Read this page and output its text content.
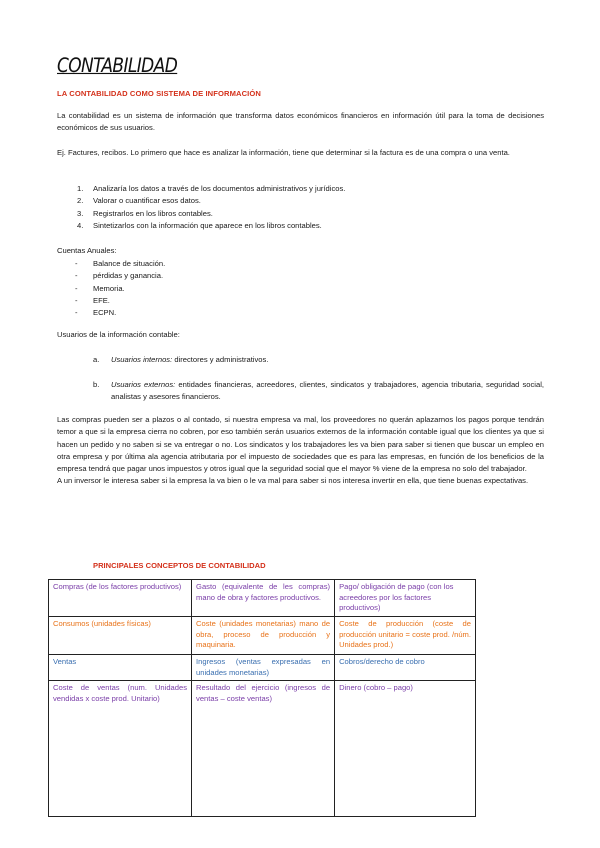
CONTABILIDAD
LA CONTABILIDAD COMO SISTEMA DE INFORMACIÓN

La contabilidad es un sistema de información que transforma datos económicos financieros en información útil para la toma de decisiones económicos de sus usuarios.

Ej. Factures, recibos. Lo primero que hace es analizar la información, tiene que determinar si la factura es de una compra o una venta.

1. Analizaría los datos a través de los documentos administrativos y jurídicos.
2. Valorar o cuantificar esos datos.
3. Registrarlos en los libros contables.
4. Sintetizarlos con la información que aparece en los libros contables.
Cuentas Anuales:
- Balance de situación.
- pérdidas y ganancia.
- Memoria.
- EFE.
- ECPN.
Usuarios de la información contable:
a. Usuarios internos: directores y administrativos.
b. Usuarios externos: entidades financieras, acreedores, clientes, sindicatos y trabajadores, agencia tributaria, seguridad social, analistas y asesores financieros.
Las compras pueden ser a plazos o al contado, si nuestra empresa va mal, los proveedores no querán aplazarnos los pagos porque tendrán temor a que si la empresa cierra no cobren, por eso también serán usuarios externos de la información contable igual que los clientes ya que si hacen un pedido y no saben si se va entregar o no. Los sindicatos y los trabajadores les va bien para saber si tienen que buscar un empleo en otra empresa y por última ala agencia atributaria por el impuesto de sociedades que es para las empresas, en función de los beneficios de la empresa tendrá que pagar unos impuestos y otros igual que la seguridad social que el mayor % viene de la empresa no solo del trabajador.
A un inversor le interesa saber si la empresa la va bien o le va mal para saber si nos interesa invertir en ella, que tiene buenas expectativas.
PRINCIPALES CONCEPTOS DE CONTABILIDAD
Compras (de los factores productivos)	Gasto (equivalente de les compras) mano de obra y factores productivos.	Pago/ obligación de pago (con los acreedores por los factores productivos)
Consumos (unidades físicas)	Coste (unidades monetarias) mano de obra, proceso de producción y maquinaria.	Coste de producción (coste de producción unitario = coste prod. /núm. Unidades prod.)
Ventas	Ingresos (ventas expresadas en unidades monetarias)	Cobros/derecho de cobro
Coste de ventas (num. Unidades vendidas x coste prod. Unitario)	Resultado del ejercicio (ingresos de ventas – coste ventas)	Dinero (cobro – pago)
